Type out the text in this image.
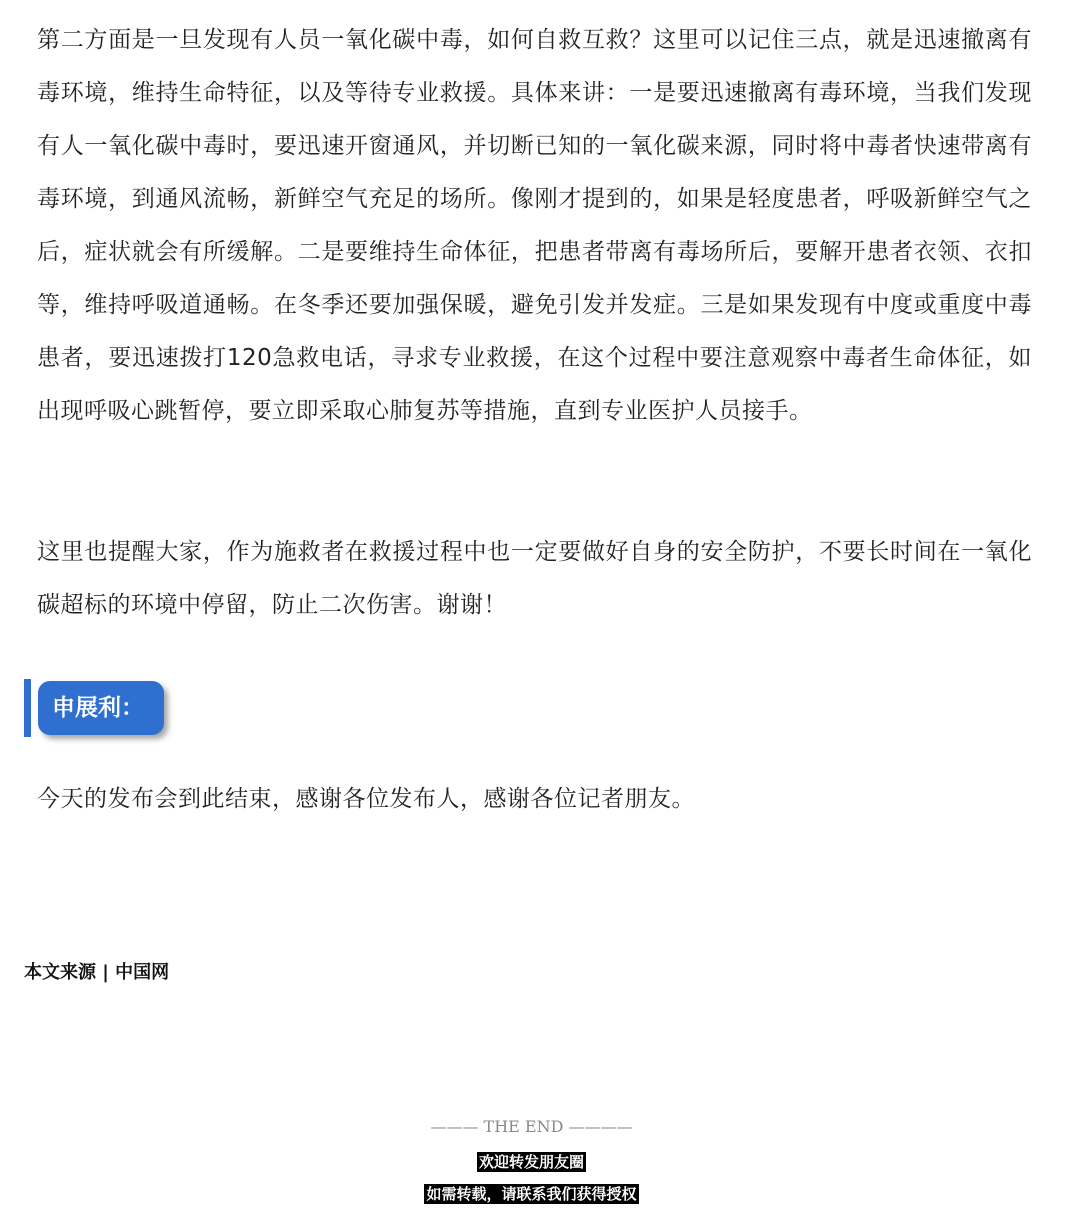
第二方面是一旦发现有人员一氧化碳中毒，如何自救互救？这里可以记住三点，就是迅速撤离有毒环境，维持生命特征，以及等待专业救援。具体来讲：一是要迅速撤离有毒环境，当我们发现有人一氧化碳中毒时，要迅速开窗通风，并切断已知的一氧化碳来源，同时将中毒者快速带离有毒环境，到通风流畅，新鲜空气充足的场所。像刚才提到的，如果是轻度患者，呼吸新鲜空气之后，症状就会有所缓解。二是要维持生命体征，把患者带离有毒场所后，要解开患者衣领、衣扣等，维持呼吸道通畅。在冬季还要加强保暖，避免引发并发症。三是如果发现有中度或重度中毒患者，要迅速拨打120急救电话，寻求专业救援，在这个过程中要注意观察中毒者生命体征，如出现呼吸心跳暂停，要立即采取心肺复苏等措施，直到专业医护人员接手。

这里也提醒大家，作为施救者在救援过程中也一定要做好自身的安全防护，不要长时间在一氧化碳超标的环境中停留，防止二次伤害。谢谢！

申展利：

今天的发布会到此结束，感谢各位发布人，感谢各位记者朋友。

本文来源 | 中国网
——— THE END ————
欢迎转发朋友圈
如需转载，请联系我们获得授权
